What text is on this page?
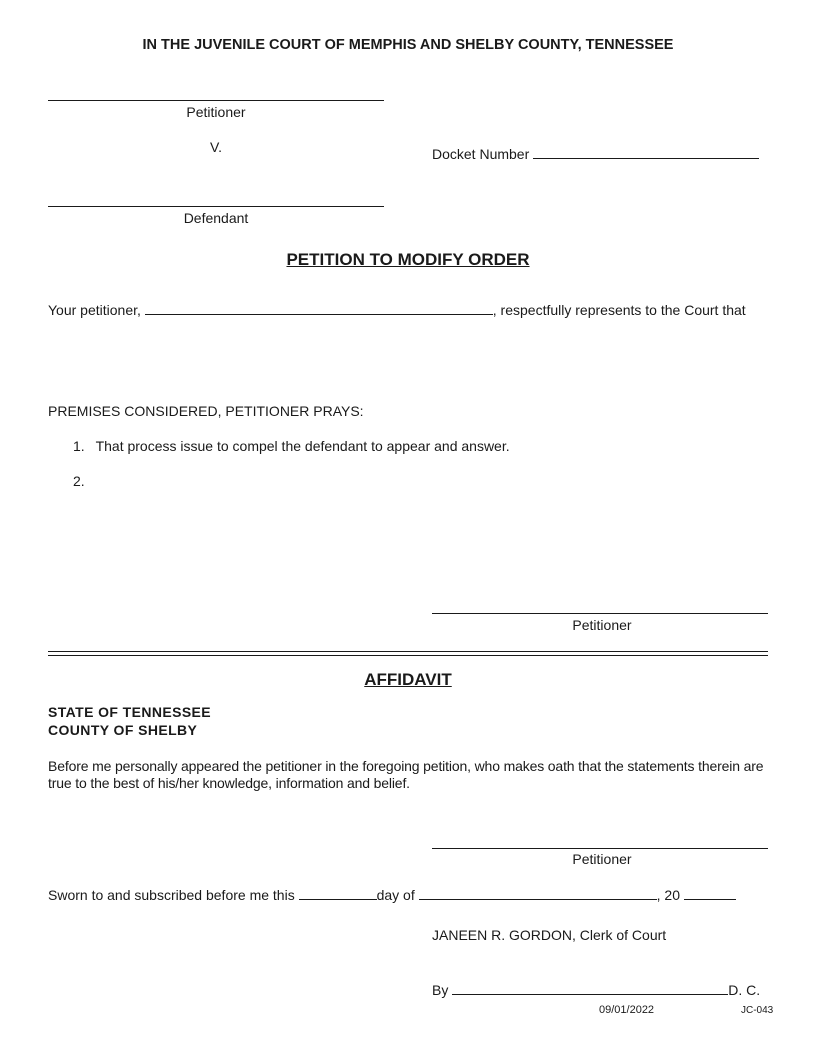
IN THE JUVENILE COURT OF MEMPHIS AND SHELBY COUNTY, TENNESSEE
Petitioner
V.	Docket Number
Defendant
PETITION TO MODIFY ORDER
Your petitioner,	, respectfully represents to the Court that
PREMISES CONSIDERED, PETITIONER PRAYS:
1. That process issue to compel the defendant to appear and answer.
2.
Petitioner
AFFIDAVIT
STATE OF TENNESSEE
COUNTY OF SHELBY
Before me personally appeared the petitioner in the foregoing petition, who makes oath that the statements therein are true to the best of his/her knowledge, information and belief.
Petitioner
Sworn to and subscribed before me this	day of	, 20
JANEEN R. GORDON, Clerk of Court
By	D. C.
09/01/2022	JC-043
